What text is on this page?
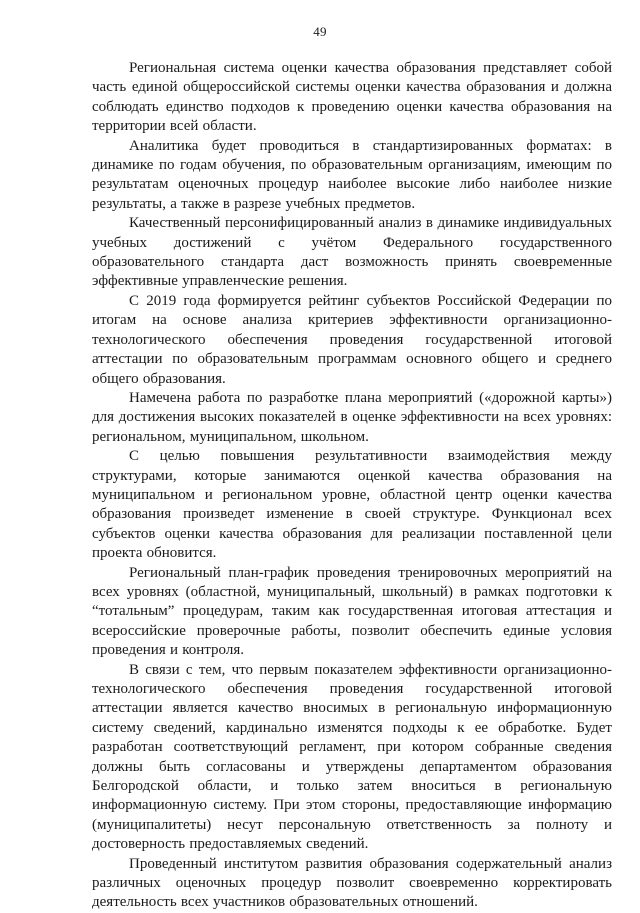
49

Региональная система оценки качества образования представляет собой часть единой общероссийской системы оценки качества образования и должна соблюдать единство подходов к проведению оценки качества образования на территории всей области.

Аналитика будет проводиться в стандартизированных форматах: в динамике по годам обучения, по образовательным организациям, имеющим по результатам оценочных процедур наиболее высокие либо наиболее низкие результаты, а также в разрезе учебных предметов.

Качественный персонифицированный анализ в динамике индивидуальных учебных достижений с учётом Федерального государственного образовательного стандарта даст возможность принять своевременные эффективные управленческие решения.

С 2019 года формируется рейтинг субъектов Российской Федерации по итогам на основе анализа критериев эффективности организационно-технологического обеспечения проведения государственной итоговой аттестации по образовательным программам основного общего и среднего общего образования.

Намечена работа по разработке плана мероприятий («дорожной карты») для достижения высоких показателей в оценке эффективности на всех уровнях: региональном, муниципальном, школьном.

С целью повышения результативности взаимодействия между структурами, которые занимаются оценкой качества образования на муниципальном и региональном уровне, областной центр оценки качества образования произведет изменение в своей структуре. Функционал всех субъектов оценки качества образования для реализации поставленной цели проекта обновится.

Региональный план-график проведения тренировочных мероприятий на всех уровнях (областной, муниципальный, школьный) в рамках подготовки к “тотальным” процедурам, таким как государственная итоговая аттестация и всероссийские проверочные работы, позволит обеспечить единые условия проведения и контроля.

В связи с тем, что первым показателем эффективности организационно-технологического обеспечения проведения государственной итоговой аттестации является качество вносимых в региональную информационную систему сведений, кардинально изменятся подходы к ее обработке. Будет разработан соответствующий регламент, при котором собранные сведения должны быть согласованы и утверждены департаментом образования Белгородской области, и только затем вноситься в региональную информационную систему. При этом стороны, предоставляющие информацию (муниципалитеты) несут персональную ответственность за полноту и достоверность предоставляемых сведений.

Проведенный институтом развития образования содержательный анализ различных оценочных процедур позволит своевременно корректировать деятельность всех участников образовательных отношений.
